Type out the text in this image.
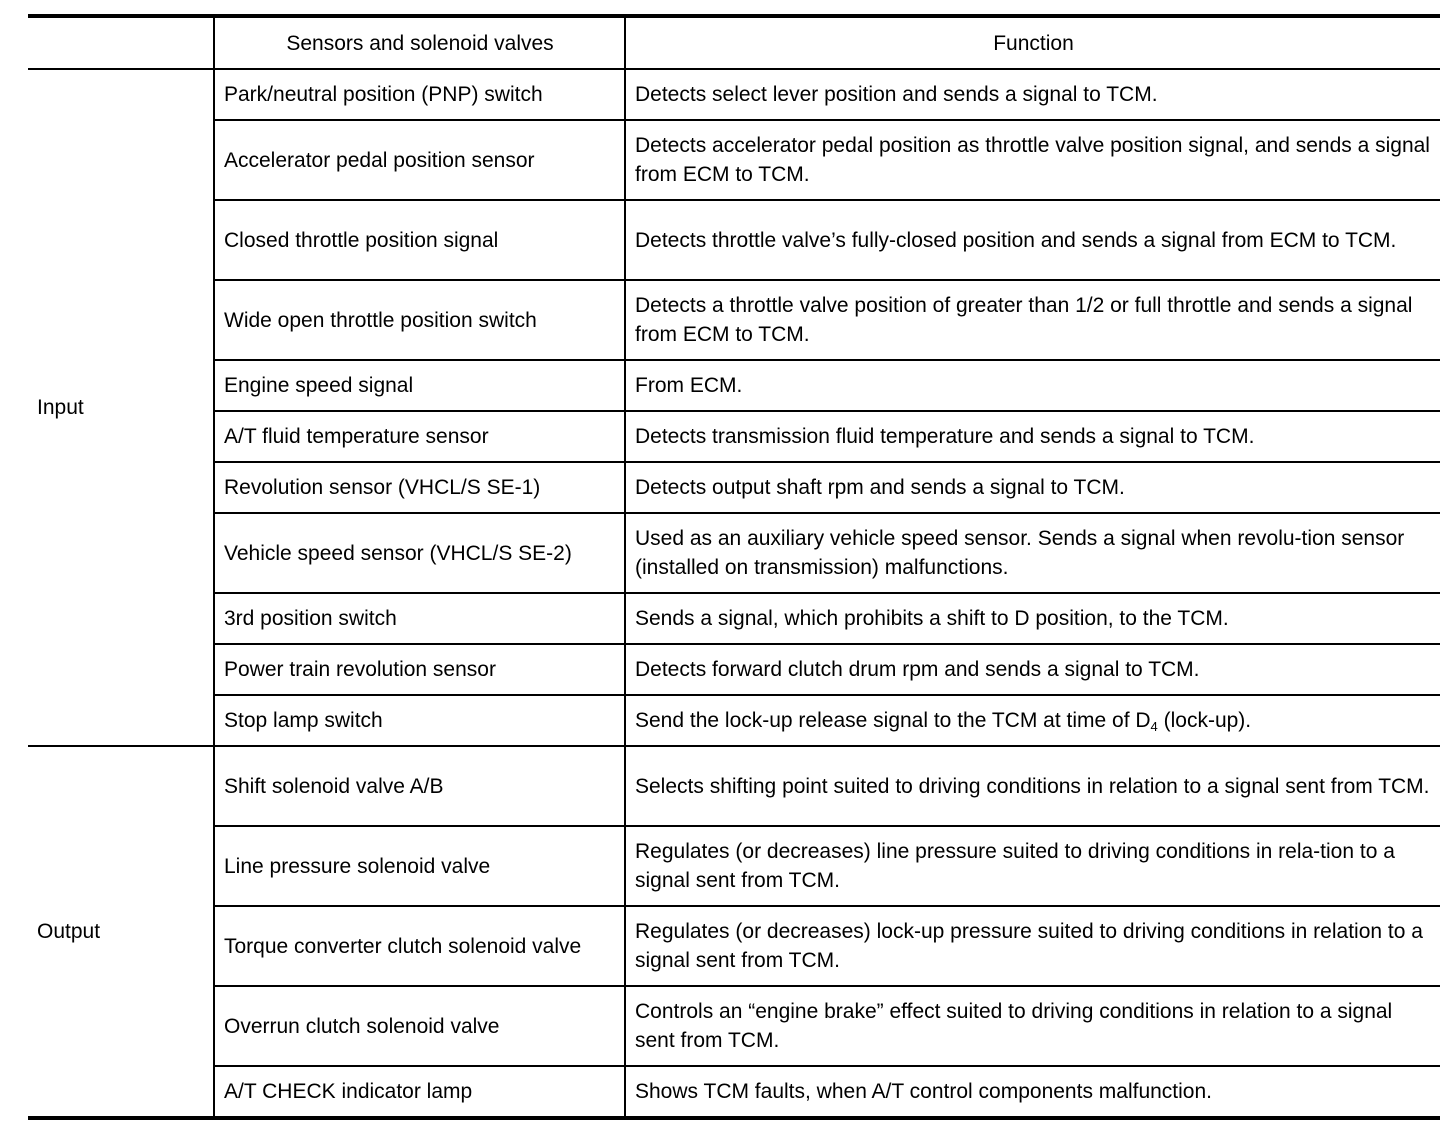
	Sensors and solenoid valves	Function
Input	Park/neutral position (PNP) switch	Detects select lever position and sends a signal to TCM.
	Accelerator pedal position sensor	Detects accelerator pedal position as throttle valve position signal, and sends a signal from ECM to TCM.
	Closed throttle position signal	Detects throttle valve’s fully-closed position and sends a signal from ECM to TCM.
	Wide open throttle position switch	Detects a throttle valve position of greater than 1/2 or full throttle and sends a signal from ECM to TCM.
	Engine speed signal	From ECM.
	A/T fluid temperature sensor	Detects transmission fluid temperature and sends a signal to TCM.
	Revolution sensor (VHCL/S SE-1)	Detects output shaft rpm and sends a signal to TCM.
	Vehicle speed sensor (VHCL/S SE-2)	Used as an auxiliary vehicle speed sensor. Sends a signal when revolu-tion sensor (installed on transmission) malfunctions.
	3rd position switch	Sends a signal, which prohibits a shift to D position, to the TCM.
	Power train revolution sensor	Detects forward clutch drum rpm and sends a signal to TCM.
	Stop lamp switch	Send the lock-up release signal to the TCM at time of $D_4$ (lock-up).
Output	Shift solenoid valve A/B	Selects shifting point suited to driving conditions in relation to a signal sent from TCM.
	Line pressure solenoid valve	Regulates (or decreases) line pressure suited to driving conditions in rela-tion to a signal sent from TCM.
	Torque converter clutch solenoid valve	Regulates (or decreases) lock-up pressure suited to driving conditions in relation to a signal sent from TCM.
	Overrun clutch solenoid valve	Controls an “engine brake” effect suited to driving conditions in relation to a signal sent from TCM.
	A/T CHECK indicator lamp	Shows TCM faults, when A/T control components malfunction.
